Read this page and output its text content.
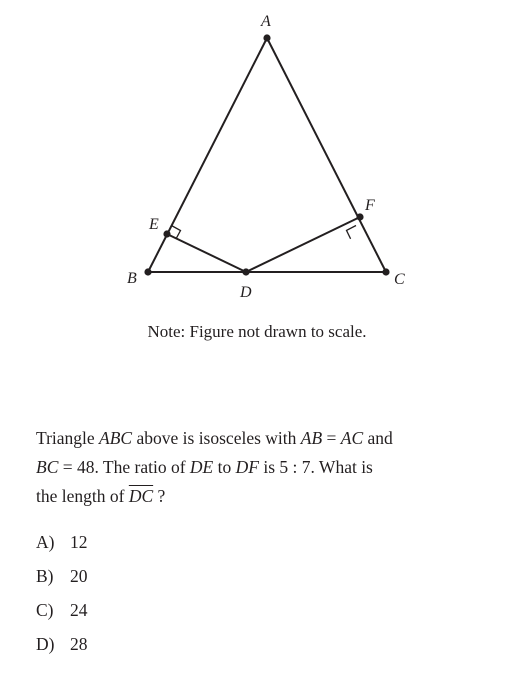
A
B	C
D
E
F
Note: Figure not drawn to scale.
Triangle ABC above is isosceles with AB = AC and
BC = 48. The ratio of DE to DF is 5 : 7. What is
the length of $\overline{DC}$ ?
A) 12
B) 20
C) 24
D) 28
